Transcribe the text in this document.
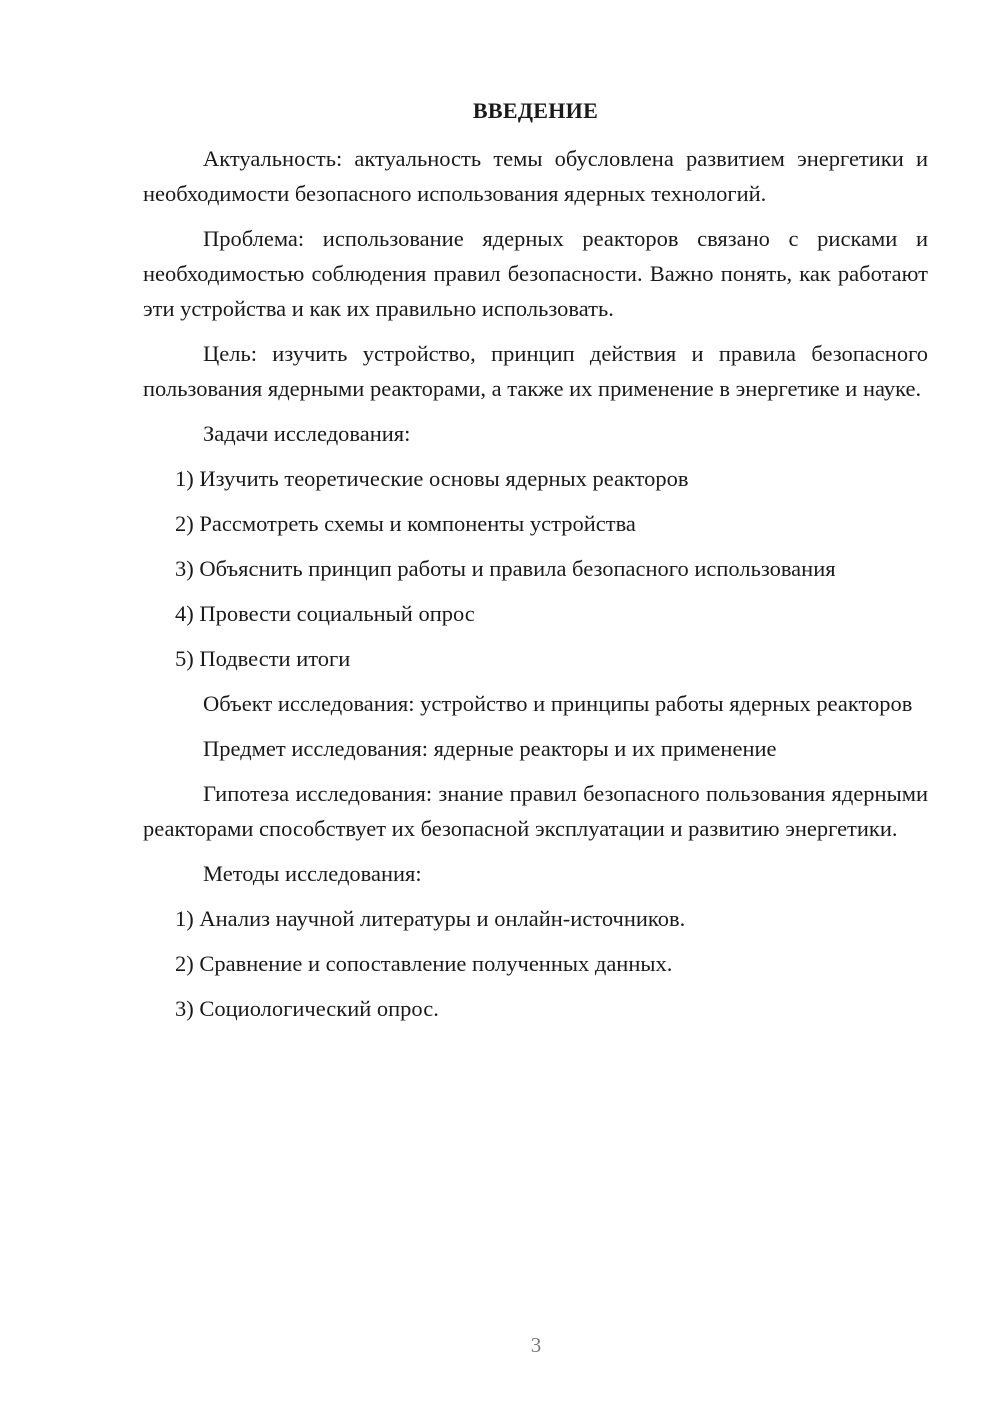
ВВЕДЕНИЕ

Актуальность: актуальность темы обусловлена развитием энергетики и необходимости безопасного использования ядерных технологий.

Проблема: использование ядерных реакторов связано с рисками и необходимостью соблюдения правил безопасности. Важно понять, как работают эти устройства и как их правильно использовать.

Цель: изучить устройство, принцип действия и правила безопасного пользования ядерными реакторами, а также их применение в энергетике и науке.

Задачи исследования:

1) Изучить теоретические основы ядерных реакторов
2) Рассмотреть схемы и компоненты устройства
3) Объяснить принцип работы и правила безопасного использования
4) Провести социальный опрос
5) Подвести итоги

Объект исследования: устройство и принципы работы ядерных реакторов

Предмет исследования: ядерные реакторы и их применение

Гипотеза исследования: знание правил безопасного пользования ядерными реакторами способствует их безопасной эксплуатации и развитию энергетики.

Методы исследования:

1) Анализ научной литературы и онлайн-источников.
2) Сравнение и сопоставление полученных данных.
3) Социологический опрос.
3
